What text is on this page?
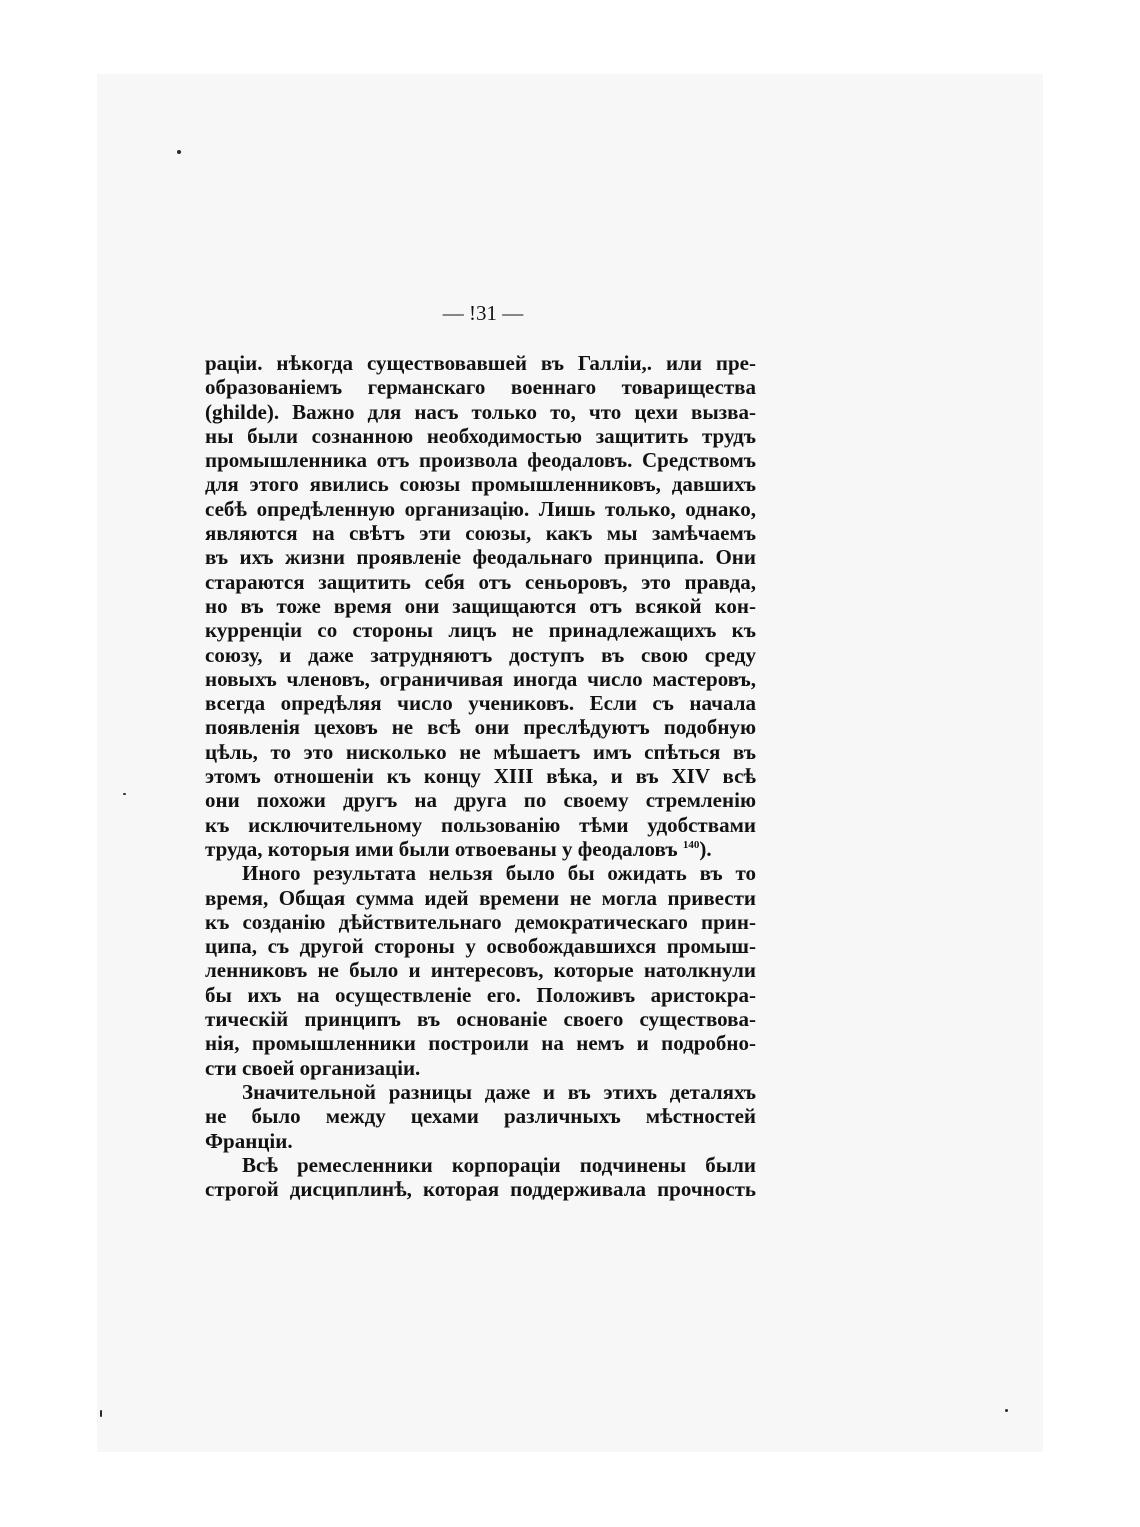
— !31 —
раціи. нѣкогда существовавшей въ Галліи,. или пре-
образованіемъ германскаго военнаго товарищества
(ghilde). Важно для насъ только то, что цехи вызва-
ны были сознанною необходимостью защитить трудъ
промышленника отъ произвола феодаловъ. Средствомъ
для этого явились союзы промышленниковъ, давшихъ
себѣ опредѣленную организацію. Лишь только, однако,
являются на свѣтъ эти союзы, какъ мы замѣчаемъ
въ ихъ жизни проявленіе феодальнаго принципа. Они
стараются защитить себя отъ сеньоровъ, это правда,
но въ тоже время они защищаются отъ всякой кон-
курренціи со стороны лицъ не принадлежащихъ къ
союзу, и даже затрудняютъ доступъ въ свою среду
новыхъ членовъ, ограничивая иногда число мастеровъ,
всегда опредѣляя число учениковъ. Если съ начала
появленія цеховъ не всѣ они преслѣдуютъ подобную
цѣль, то это нисколько не мѣшаетъ имъ спѣться въ
этомъ отношеніи къ концу XIII вѣка, и въ XIV всѣ
они похожи другъ на друга по своему стремленію
къ исключительному пользованію тѣми удобствами
труда, которыя ими были отвоеваны у феодаловъ $^{140}$).
Иного результата нельзя было бы ожидать въ то
время, Общая сумма идей времени не могла привести
къ созданію дѣйствительнаго демократическаго прин-
ципа, съ другой стороны у освобождавшихся промыш-
ленниковъ не было и интересовъ, которые натолкнули
бы ихъ на осуществленіе его. Положивъ аристокра-
тическій принципъ въ основаніе своего существова-
нія, промышленники построили на немъ и подробно-
сти своей организаціи.
Значительной разницы даже и въ этихъ деталяхъ
не было между цехами различныхъ мѣстностей
Франціи.
Всѣ ремесленники корпораціи подчинены были
строгой дисциплинѣ, которая поддерживала прочность
